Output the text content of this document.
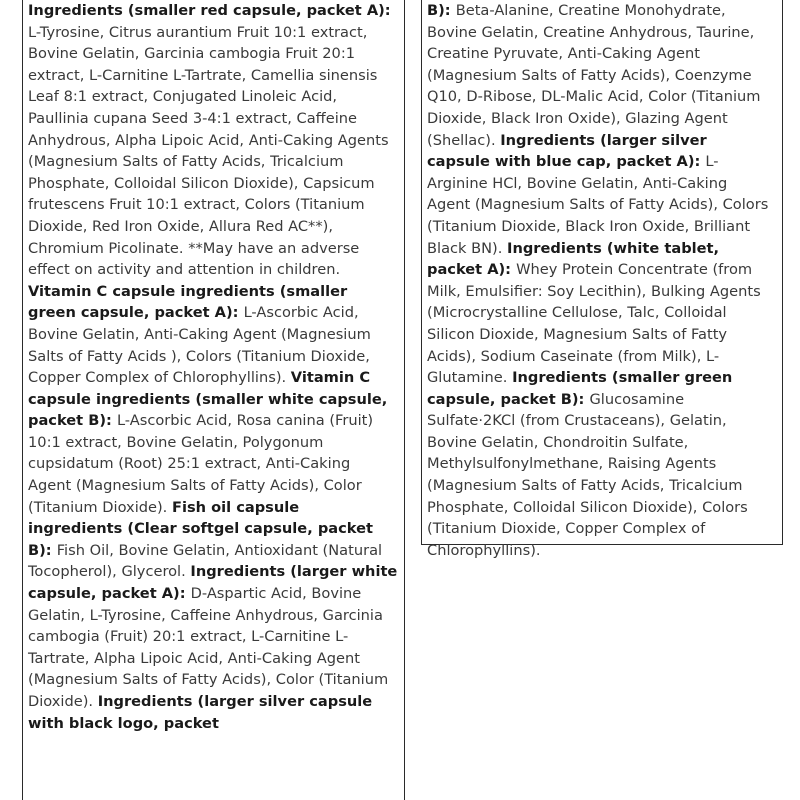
Ingredients (smaller red capsule, packet A): L-Tyrosine, Citrus aurantium Fruit 10:1 extract, Bovine Gelatin, Garcinia cambogia Fruit 20:1 extract, L-Carnitine L-Tartrate, Camellia sinensis Leaf 8:1 extract, Conjugated Linoleic Acid, Paullinia cupana Seed 3-4:1 extract, Caffeine Anhydrous, Alpha Lipoic Acid, Anti-Caking Agents (Magnesium Salts of Fatty Acids, Tricalcium Phosphate, Colloidal Silicon Dioxide), Capsicum frutescens Fruit 10:1 extract, Colors (Titanium Dioxide, Red Iron Oxide, Allura Red AC**), Chromium Picolinate. **May have an adverse effect on activity and attention in children. Vitamin C capsule ingredients (smaller green capsule, packet A): L-Ascorbic Acid, Bovine Gelatin, Anti-Caking Agent (Magnesium Salts of Fatty Acids ), Colors (Titanium Dioxide, Copper Complex of Chlorophyllins). Vitamin C capsule ingredients (smaller white capsule, packet B): L-Ascorbic Acid, Rosa canina (Fruit) 10:1 extract, Bovine Gelatin, Polygonum cupsidatum (Root) 25:1 extract, Anti-Caking Agent (Magnesium Salts of Fatty Acids), Color (Titanium Dioxide). Fish oil capsule ingredients (Clear softgel capsule, packet B): Fish Oil, Bovine Gelatin, Antioxidant (Natural Tocopherol), Glycerol. Ingredients (larger white capsule, packet A): D-Aspartic Acid, Bovine Gelatin, L-Tyrosine, Caffeine Anhydrous, Garcinia cambogia (Fruit) 20:1 extract, L-Carnitine L-Tartrate, Alpha Lipoic Acid, Anti-Caking Agent (Magnesium Salts of Fatty Acids), Color (Titanium Dioxide). Ingredients (larger silver capsule with black logo, packet
B): Beta-Alanine, Creatine Monohydrate, Bovine Gelatin, Creatine Anhydrous, Taurine, Creatine Pyruvate, Anti-Caking Agent (Magnesium Salts of Fatty Acids), Coenzyme Q10, D-Ribose, DL-Malic Acid, Color (Titanium Dioxide, Black Iron Oxide), Glazing Agent (Shellac). Ingredients (larger silver capsule with blue cap, packet A): L-Arginine HCl, Bovine Gelatin, Anti-Caking Agent (Magnesium Salts of Fatty Acids), Colors (Titanium Dioxide, Black Iron Oxide, Brilliant Black BN). Ingredients (white tablet, packet A): Whey Protein Concentrate (from Milk, Emulsifier: Soy Lecithin), Bulking Agents (Microcrystalline Cellulose, Talc, Colloidal Silicon Dioxide, Magnesium Salts of Fatty Acids), Sodium Caseinate (from Milk), L-Glutamine. Ingredients (smaller green capsule, packet B): Glucosamine Sulfate·2KCl (from Crustaceans), Gelatin, Bovine Gelatin, Chondroitin Sulfate, Methylsulfonylmethane, Raising Agents (Magnesium Salts of Fatty Acids, Tricalcium Phosphate, Colloidal Silicon Dioxide), Colors (Titanium Dioxide, Copper Complex of Chlorophyllins).
